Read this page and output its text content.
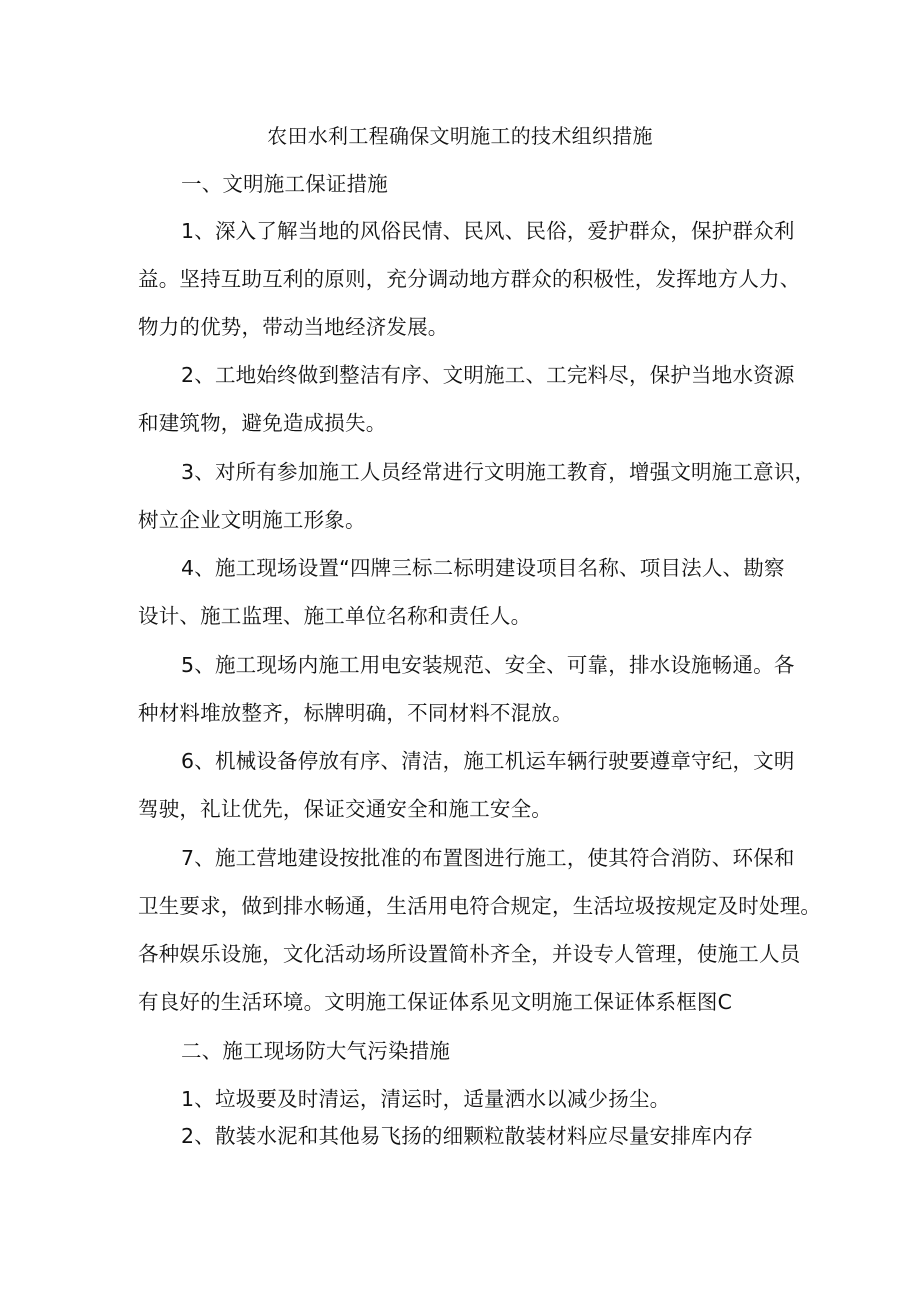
农田水利工程确保文明施工的技术组织措施
一、文明施工保证措施
1、深入了解当地的风俗民情、民风、民俗，爱护群众，保护群众利
益。坚持互助互利的原则，充分调动地方群众的积极性，发挥地方人力、
物力的优势，带动当地经济发展。
2、工地始终做到整洁有序、文明施工、工完料尽，保护当地水资源
和建筑物，避免造成损失。
3、对所有参加施工人员经常进行文明施工教育，增强文明施工意识，
树立企业文明施工形象。
4、施工现场设置“四牌三标二标明建设项目名称、项目法人、勘察
设计、施工监理、施工单位名称和责任人。
5、施工现场内施工用电安装规范、安全、可靠，排水设施畅通。各
种材料堆放整齐，标牌明确，不同材料不混放。
6、机械设备停放有序、清洁，施工机运车辆行驶要遵章守纪，文明
驾驶，礼让优先，保证交通安全和施工安全。
7、施工营地建设按批准的布置图进行施工，使其符合消防、环保和
卫生要求，做到排水畅通，生活用电符合规定，生活垃圾按规定及时处理。
各种娱乐设施，文化活动场所设置简朴齐全，并设专人管理，使施工人员
有良好的生活环境。文明施工保证体系见文明施工保证体系框图C
二、施工现场防大气污染措施
1、垃圾要及时清运，清运时，适量洒水以减少扬尘。
2、散装水泥和其他易飞扬的细颗粒散装材料应尽量安排库内存
